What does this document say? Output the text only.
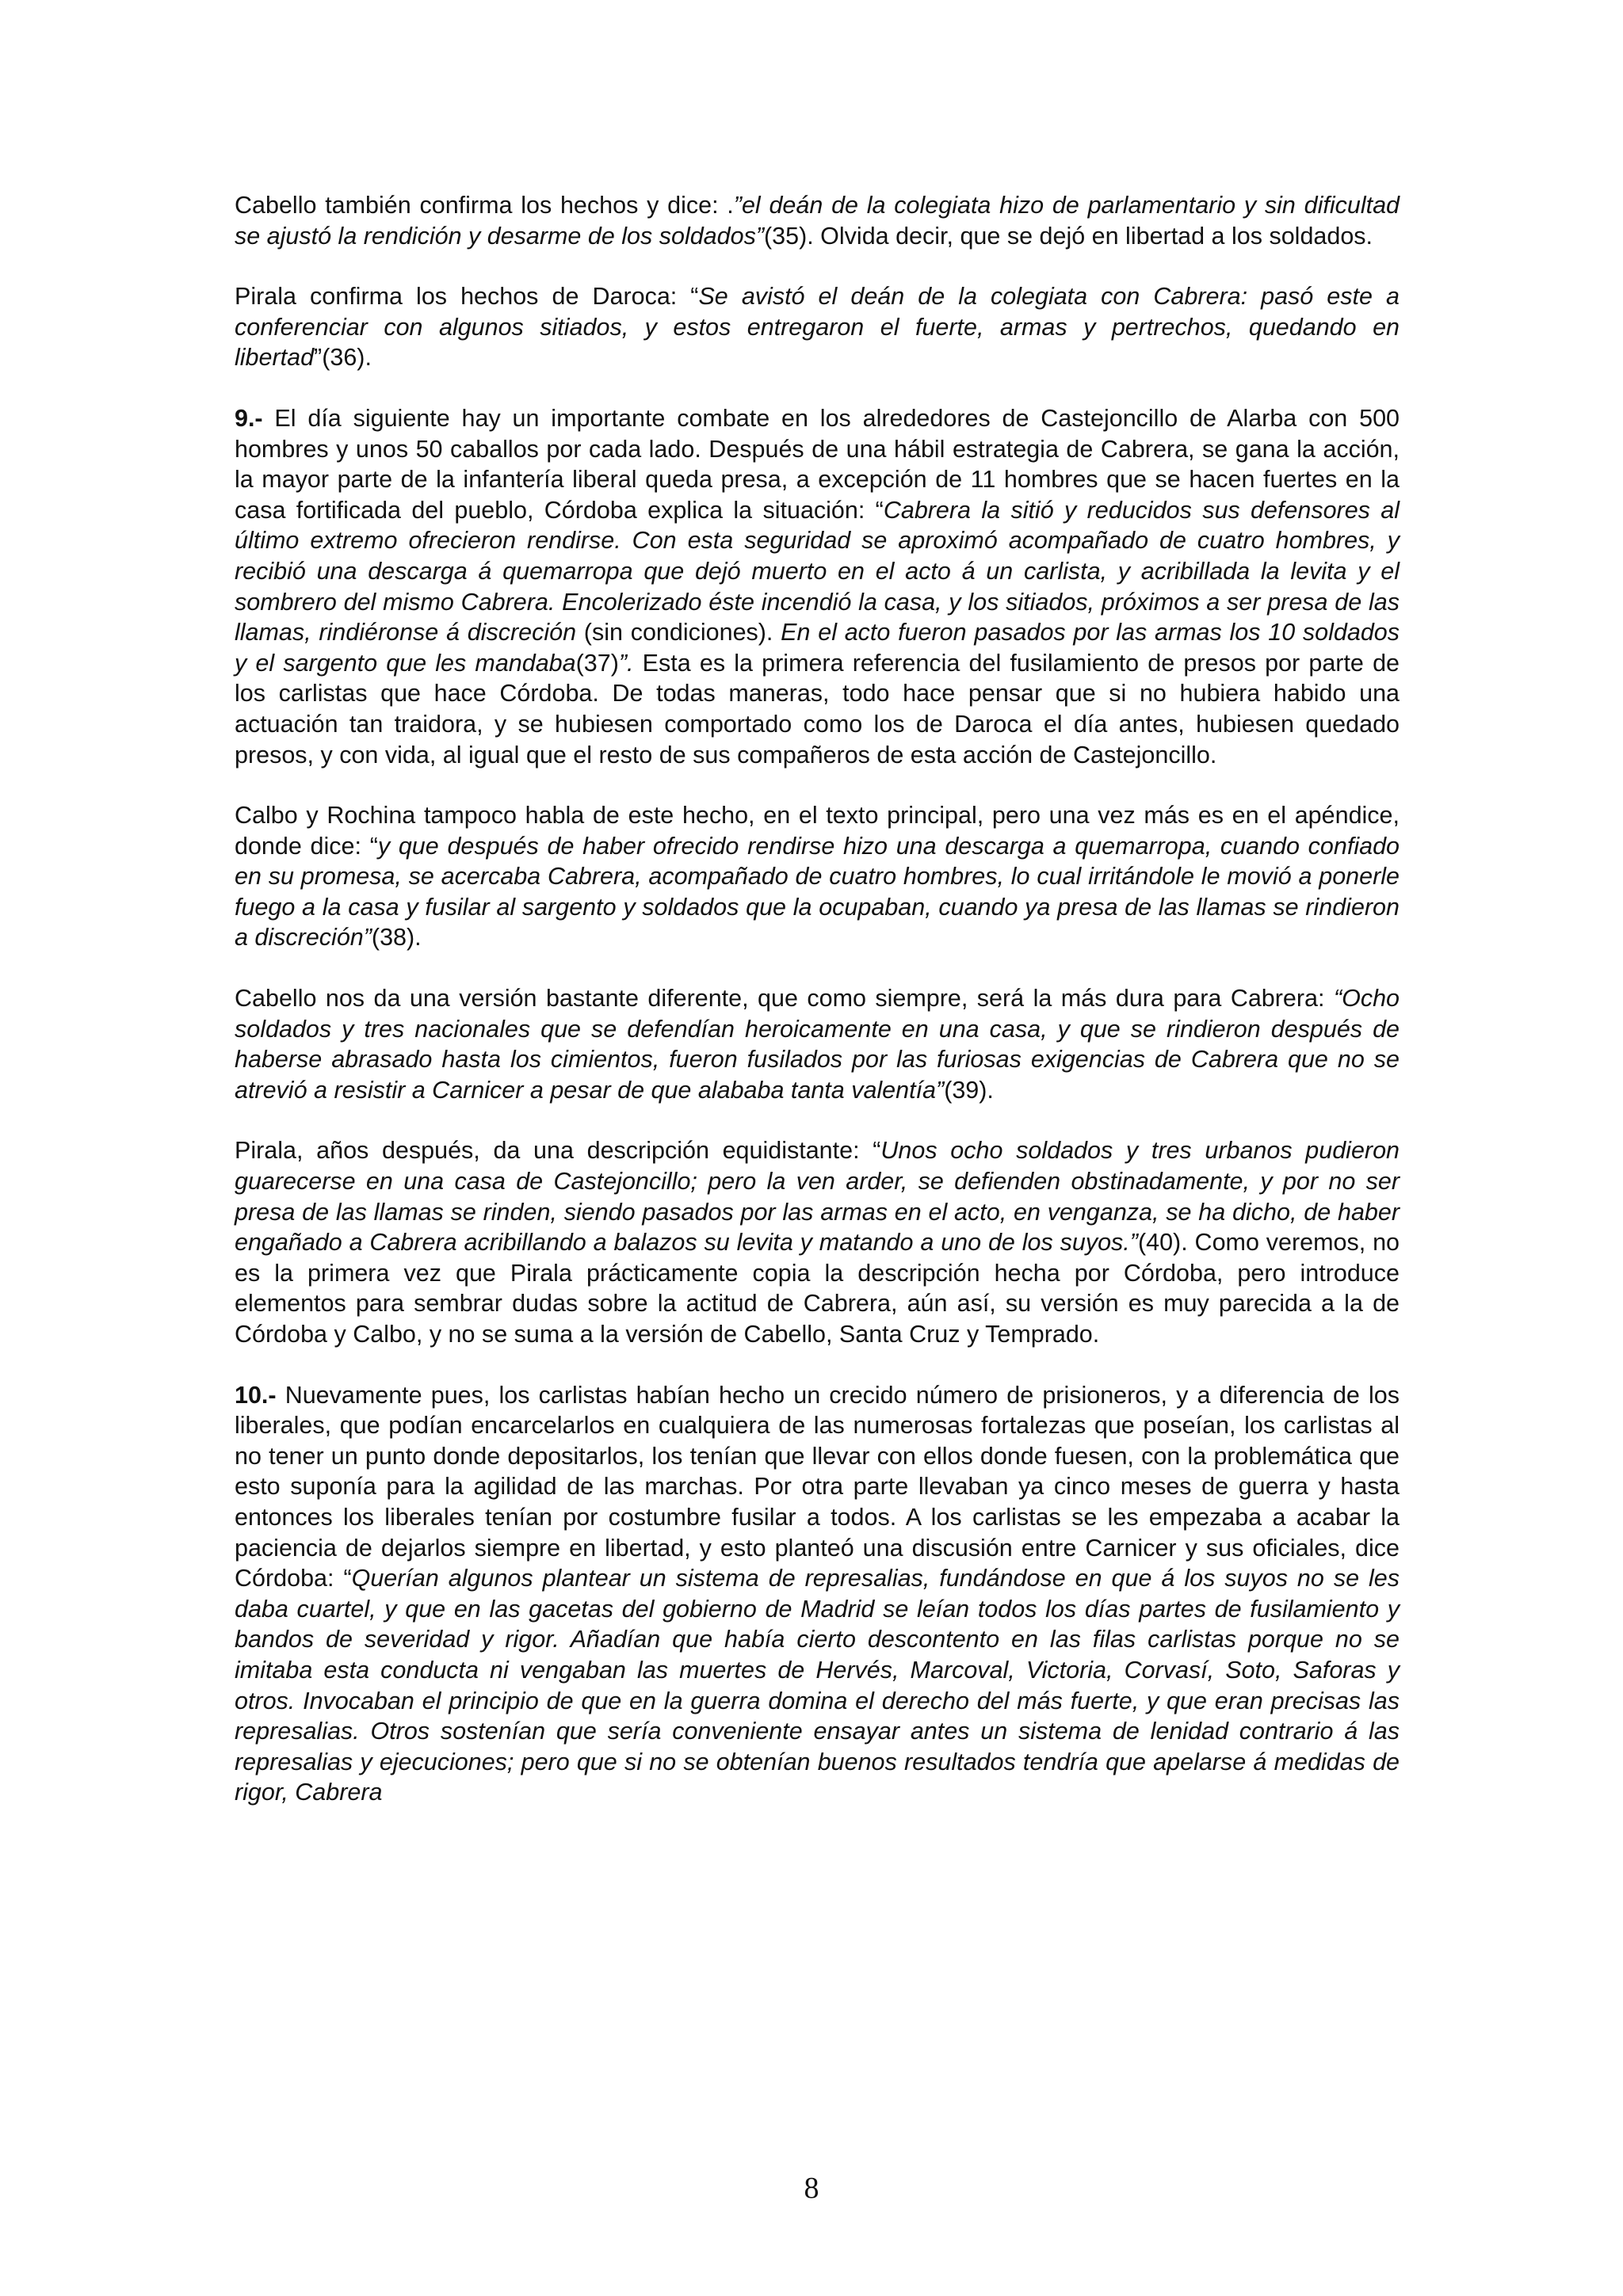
Cabello también confirma los hechos y dice: .”el deán de la colegiata hizo de parlamentario y sin dificultad se ajustó la rendición y desarme de los soldados”(35). Olvida decir, que se dejó en libertad a los soldados.

Pirala confirma los hechos de Daroca: “Se avistó el deán de la colegiata con Cabrera: pasó este a conferenciar con algunos sitiados, y estos entregaron el fuerte, armas y pertrechos, quedando en libertad”(36).

9.- El día siguiente hay un importante combate en los alrededores de Castejoncillo de Alarba con 500 hombres y unos 50 caballos por cada lado. Después de una hábil estrategia de Cabrera, se gana la acción, la mayor parte de la infantería liberal queda presa, a excepción de 11 hombres que se hacen fuertes en la casa fortificada del pueblo, Córdoba explica la situación: “Cabrera la sitió y reducidos sus defensores al último extremo ofrecieron rendirse. Con esta seguridad se aproximó acompañado de cuatro hombres, y recibió una descarga á quemarropa que dejó muerto en el acto á un carlista, y acribillada la levita y el sombrero del mismo Cabrera. Encolerizado éste incendió la casa, y los sitiados, próximos a ser presa de las llamas, rindiéronse á discreción (sin condiciones). En el acto fueron pasados por las armas los 10 soldados y el sargento que les mandaba(37)”. Esta es la primera referencia del fusilamiento de presos por parte de los carlistas que hace Córdoba. De todas maneras, todo hace pensar que si no hubiera habido una actuación tan traidora, y se hubiesen comportado como los de Daroca el día antes, hubiesen quedado presos, y con vida, al igual que el resto de sus compañeros de esta acción de Castejoncillo.

Calbo y Rochina tampoco habla de este hecho, en el texto principal, pero una vez más es en el apéndice, donde dice: “y que después de haber ofrecido rendirse hizo una descarga a quemarropa, cuando confiado en su promesa, se acercaba Cabrera, acompañado de cuatro hombres, lo cual irritándole le movió a ponerle fuego a la casa y fusilar al sargento y soldados que la ocupaban, cuando ya presa de las llamas se rindieron a discreción”(38).

Cabello nos da una versión bastante diferente, que como siempre, será la más dura para Cabrera: “Ocho soldados y tres nacionales que se defendían heroicamente en una casa, y que se rindieron después de haberse abrasado hasta los cimientos, fueron fusilados por las furiosas exigencias de Cabrera que no se atrevió a resistir a Carnicer a pesar de que alababa tanta valentía”(39).

Pirala, años después, da una descripción equidistante: “Unos ocho soldados y tres urbanos pudieron guarecerse en una casa de Castejoncillo; pero la ven arder, se defienden obstinadamente, y por no ser presa de las llamas se rinden, siendo pasados por las armas en el acto, en venganza, se ha dicho, de haber engañado a Cabrera acribillando a balazos su levita y matando a uno de los suyos.”(40). Como veremos, no es la primera vez que Pirala prácticamente copia la descripción hecha por Córdoba, pero introduce elementos para sembrar dudas sobre la actitud de Cabrera, aún así, su versión es muy parecida a la de Córdoba y Calbo, y no se suma a la versión de Cabello, Santa Cruz y Temprado.

10.- Nuevamente pues, los carlistas habían hecho un crecido número de prisioneros, y a diferencia de los liberales, que podían encarcelarlos en cualquiera de las numerosas fortalezas que poseían, los carlistas al no tener un punto donde depositarlos, los tenían que llevar con ellos donde fuesen, con la problemática que esto suponía para la agilidad de las marchas. Por otra parte llevaban ya cinco meses de guerra y hasta entonces los liberales tenían por costumbre fusilar a todos. A los carlistas se les empezaba a acabar la paciencia de dejarlos siempre en libertad, y esto planteó una discusión entre Carnicer y sus oficiales, dice Córdoba: “Querían algunos plantear un sistema de represalias, fundándose en que á los suyos no se les daba cuartel, y que en las gacetas del gobierno de Madrid se leían todos los días partes de fusilamiento y bandos de severidad y rigor. Añadían que había cierto descontento en las filas carlistas porque no se imitaba esta conducta ni vengaban las muertes de Hervés, Marcoval, Victoria, Corvasí, Soto, Saforas y otros. Invocaban el principio de que en la guerra domina el derecho del más fuerte, y que eran precisas las represalias. Otros sostenían que sería conveniente ensayar antes un sistema de lenidad contrario á las represalias y ejecuciones; pero que si no se obtenían buenos resultados tendría que apelarse á medidas de rigor, Cabrera

8
